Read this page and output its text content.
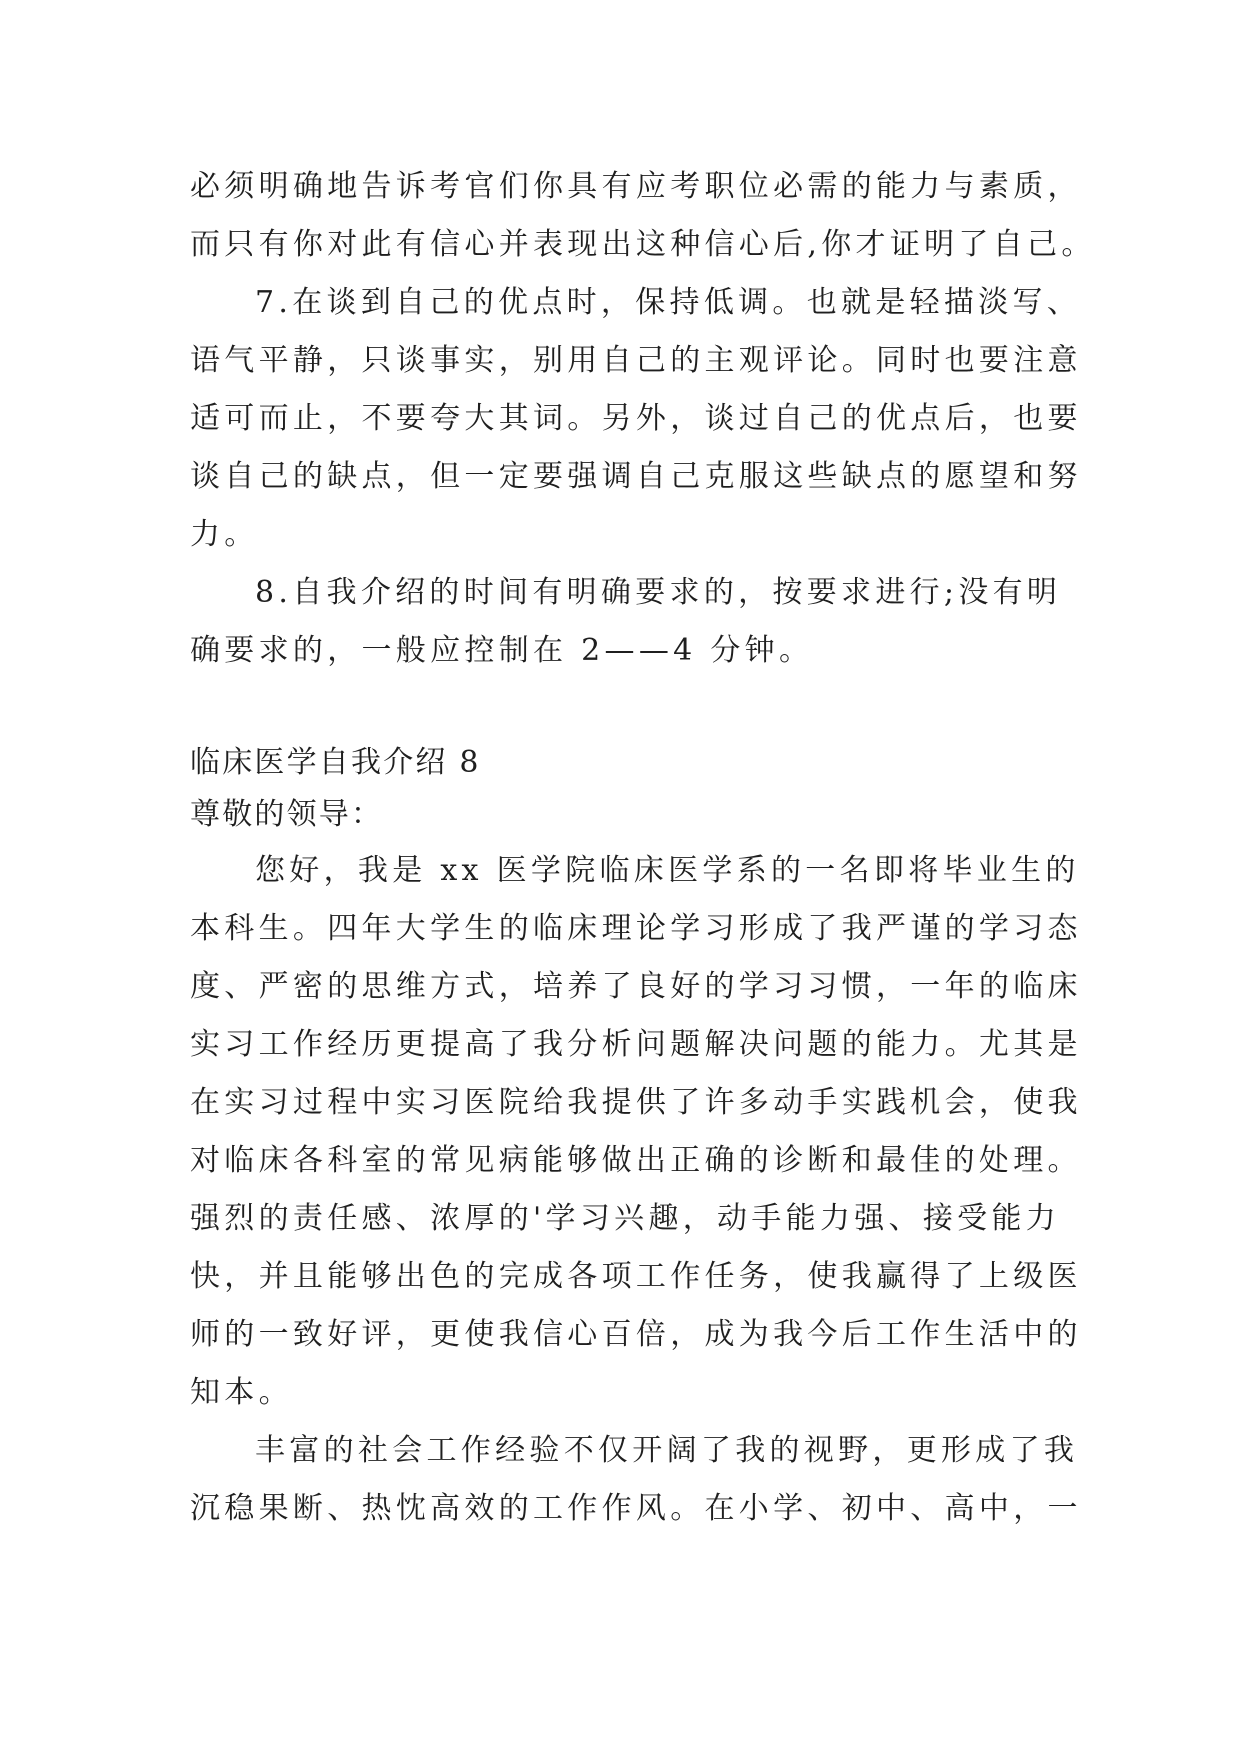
必须明确地告诉考官们你具有应考职位必需的能力与素质，
而只有你对此有信心并表现出这种信心后,你才证明了自己。
7.在谈到自己的优点时，保持低调。也就是轻描淡写、
语气平静，只谈事实，别用自己的主观评论。同时也要注意
适可而止，不要夸大其词。另外，谈过自己的优点后，也要
谈自己的缺点，但一定要强调自己克服这些缺点的愿望和努
力。
8.自我介绍的时间有明确要求的，按要求进行;没有明
确要求的，一般应控制在 2——4 分钟。
临床医学自我介绍 8
尊敬的领导：
您好，我是 xx 医学院临床医学系的一名即将毕业生的
本科生。四年大学生的临床理论学习形成了我严谨的学习态
度、严密的思维方式，培养了良好的学习习惯，一年的临床
实习工作经历更提高了我分析问题解决问题的能力。尤其是
在实习过程中实习医院给我提供了许多动手实践机会，使我
对临床各科室的常见病能够做出正确的诊断和最佳的处理。
强烈的责任感、浓厚的'学习兴趣，动手能力强、接受能力
快，并且能够出色的完成各项工作任务，使我赢得了上级医
师的一致好评，更使我信心百倍，成为我今后工作生活中的
知本。
丰富的社会工作经验不仅开阔了我的视野，更形成了我
沉稳果断、热忱高效的工作作风。在小学、初中、高中，一
